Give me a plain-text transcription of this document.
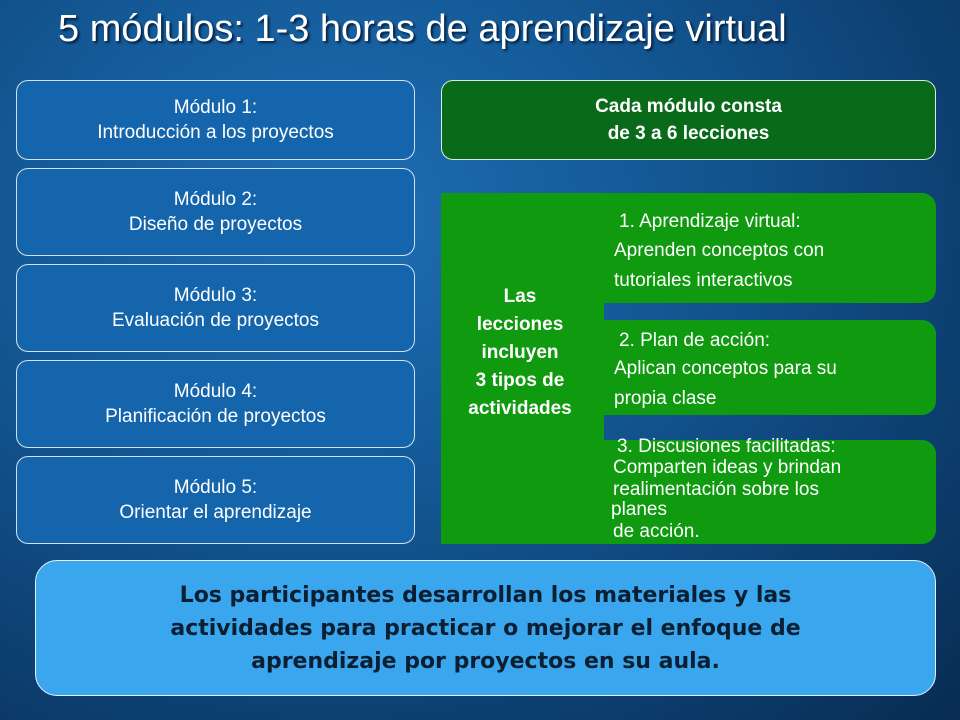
5 módulos: 1-3 horas de aprendizaje virtual
Módulo 1:
Introducción a los proyectos
Módulo 2:
Diseño de proyectos
Módulo 3:
Evaluación de proyectos
Módulo 4:
Planificación de proyectos
Módulo 5:
Orientar el aprendizaje
Cada módulo consta
de 3 a 6 lecciones
Las
lecciones
incluyen
3 tipos de
actividades
1. Aprendizaje virtual:
Aprenden conceptos con
tutoriales interactivos
2. Plan de acción:
Aplican conceptos para su
propia clase
3. Discusiones facilitadas:
Comparten ideas y brindan
realimentación sobre los
planes
de acción.
Los participantes desarrollan los materiales y las
actividades para practicar o mejorar el enfoque de
aprendizaje por proyectos en su aula.
